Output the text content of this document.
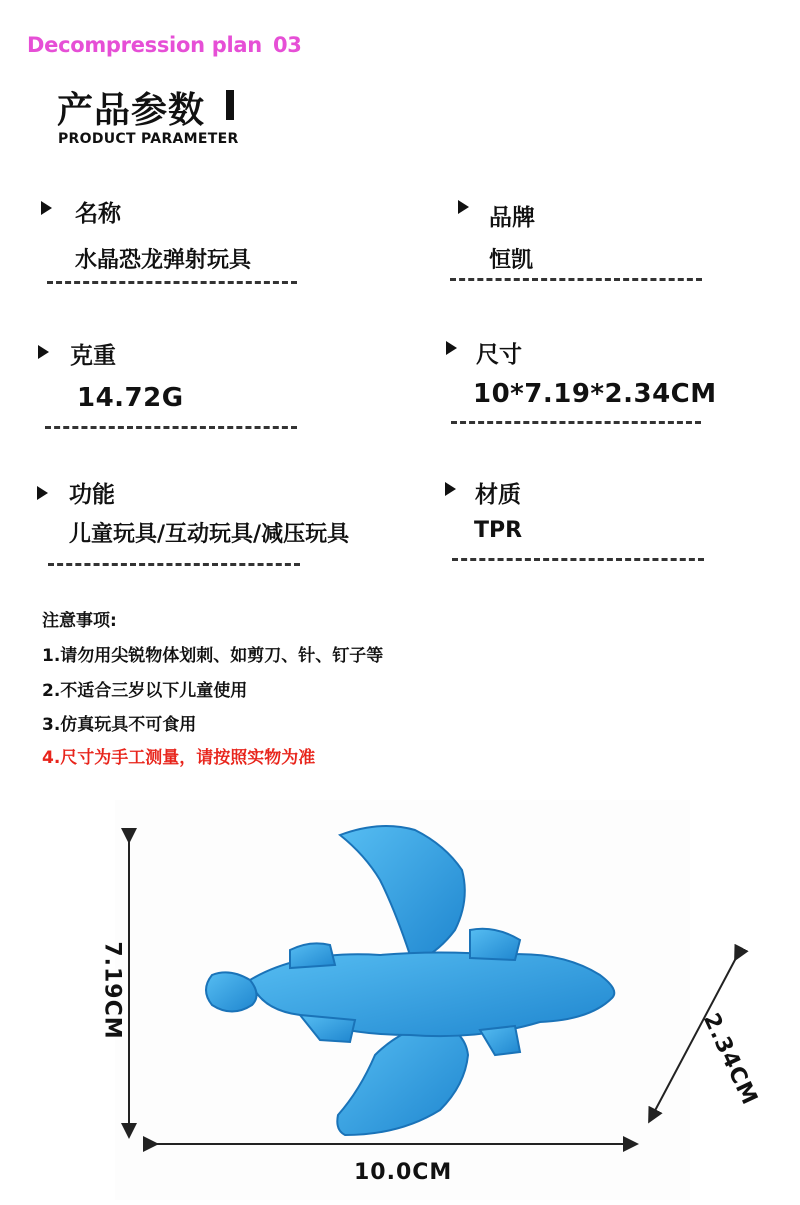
Decompression plan 03
产品参数
PRODUCT PARAMETER
名称
水晶恐龙弹射玩具
品牌
恒凯
克重
14.72G
尺寸
10*7.19*2.34CM
功能
儿童玩具/互动玩具/减压玩具
材质
TPR
注意事项:
1.请勿用尖锐物体划刺、如剪刀、针、钉子等
2.不适合三岁以下儿童使用
3.仿真玩具不可食用
4.尺寸为手工测量，请按照实物为准
10.0CM
7.19CM
2.34CM
